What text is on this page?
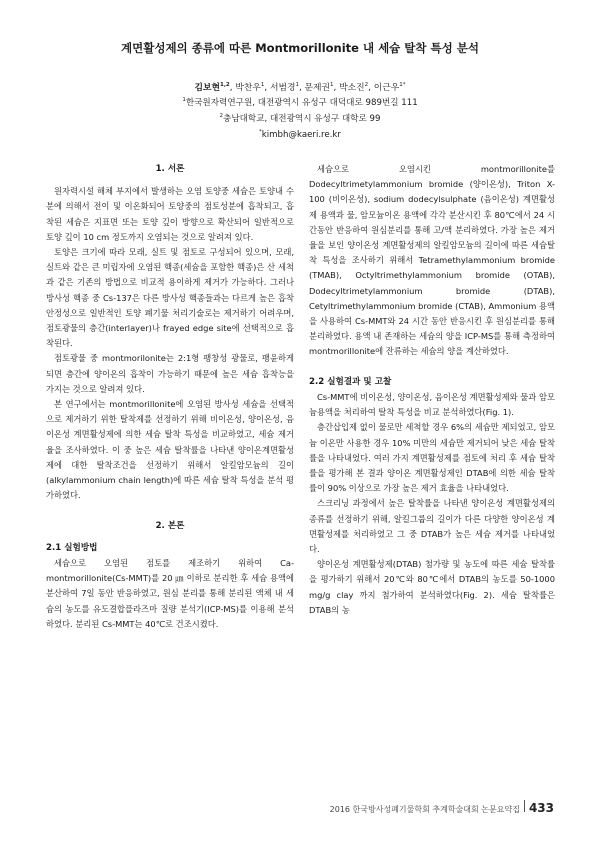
계면활성제의 종류에 따른 Montmorillonite 내 세슘 탈착 특성 분석
김보현$^{1,2}$, 박찬우$^1$, 서범경$^1$, 문제권$^1$, 박소진$^2$, 이근우$^{1*}$
$^1$한국원자력연구원, 대전광역시 유성구 대덕대로 989번길 111
$^2$충남대학교, 대전광역시 유성구 대학로 99
*kimbh@kaeri.re.kr
1. 서론

원자력시설 해체 부지에서 발생하는 오염 토양중 세슘은 토양내 수분에 의해서 전이 및 이온화되어 토양중의 점토성분에 흡착되고, 흡착된 세슘은 지표면 또는 토양 깊이 방향으로 확산되어 일반적으로 토양 깊이 10 cm 정도까지 오염되는 것으로 알려져 있다.

토양은 크기에 따라 모래, 실트 및 점토로 구성되어 있으며, 모래, 실트와 같은 큰 미립자에 오염된 핵종(세슘을 포함한 핵종)은 산 세척과 같은 기존의 방법으로 비교적 용이하게 제거가 가능하다. 그러나 방사성 핵종 중 Cs-137은 다른 방사성 핵종들과는 다르게 높은 흡착 안정성으로 일반적인 토양 폐기물 처리기술로는 제거하기 어려우며, 점토광물의 층간(interlayer)나 frayed edge site에 선택적으로 흡착된다.

점토광물 중 montmorilonite는 2:1형 팽창성 광물로, 팽윤하게 되면 층간에 양이온의 흡착이 가능하기 때문에 높은 세슘 흡착능을 가지는 것으로 알려져 있다.

본 연구에서는 montmorillonite에 오염된 방사성 세슘을 선택적으로 제거하기 위한 탈착제를 선정하기 위해 비이온성, 양이온성, 음이온성 계면활성제에 의한 세슘 탈착 특성을 비교하였고, 세슘 제거율을 조사하였다. 이 중 높은 세슘 탈착률을 나타낸 양이온계면활성제에 대한 탈착조건을 선정하기 위해서 알킬암모늄의 길이(alkylammonium chain length)에 따른 세슘 탈착 특성을 분석 평가하였다.

2. 본론
2.1 실험방법

세슘으로 오염된 점토를 제조하기 위하여 Ca-montmorillonite(Cs-MMT)를 20 ㎛ 이하로 분리한 후 세슘 용액에 분산하여 7일 동안 반응하였고, 원심 분리를 통해 분리된 액체 내 세슘의 농도를 유도결합플라즈마 질량 분석기(ICP-MS)를 이용해 분석하였다. 분리된 Cs-MMT는 40℃로 건조시켰다.

세슘으로 오염시킨 montmorillonite를 Dodecyltrimetylammonium bromide (양이온성), Triton X-100 (비이온성), sodium dodecylsulphate (음이온성) 계면활성제 용액과 물, 암모늄이온 용액에 각각 분산시킨 후 80℃에서 24 시간동안 반응하여 원심분리를 통해 고/액 분리하였다. 가장 높은 제거율을 보인 양이온성 계면활성제의 알킬암모늄의 길이에 따른 세슘탈착 특성을 조사하기 위해서 Tetramethylammonium bromide (TMAB), Octyltrimethylammonium bromide (OTAB), Dodecyltrimetylammonium bromide (DTAB), Cetyltrimethylammonium bromide (CTAB), Ammonium 용액을 사용하여 Cs-MMT와 24 시간 동안 반응시킨 후 원심분리를 통해 분리하였다. 용액 내 존재하는 세슘의 양을 ICP-MS를 통해 측정하여 montmorillonite에 잔류하는 세슘의 양을 계산하였다.

2.2 실험결과 및 고찰

Cs-MMT에 비이온성, 양이온성, 음이온성 계면활성제와 물과 암모늄용액을 처리하여 탈착 특성을 비교 분석하였다(Fig. 1).

층간삽입제 없이 물로만 세척할 경우 6%의 세슘만 제되었고, 암모늄 이온만 사용한 경우 10% 미만의 세슘만 제거되어 낮은 세슘 탈착률을 나타내었다. 여러 가지 계면활성제를 점토에 처리 후 세슘 탈착률을 평가해 본 결과 양이온 계면활성제인 DTAB에 의한 세슘 탈착률이 90% 이상으로 가장 높은 제거 효율을 나타내었다.

스크리닝 과정에서 높은 탈착률을 나타낸 양이온성 계면활성제의 종류를 선정하기 위해, 알킬그룹의 길이가 다른 다양한 양이온성 계면활성제를 처리하였고 그 중 DTAB가 높은 세슘 제거를 나타내었다.

양이온성 계면활성제(DTAB) 첨가량 및 농도에 따른 세슘 탈착률을 평가하기 위해서 20℃와 80℃에서 DTAB의 농도를 50-1000 mg/g clay 까지 첨가하여 분석하였다(Fig. 2). 세슘 탈착률은 DTAB의 농

2016 한국방사성폐기물학회 추계학술대회 논문요약집 433
